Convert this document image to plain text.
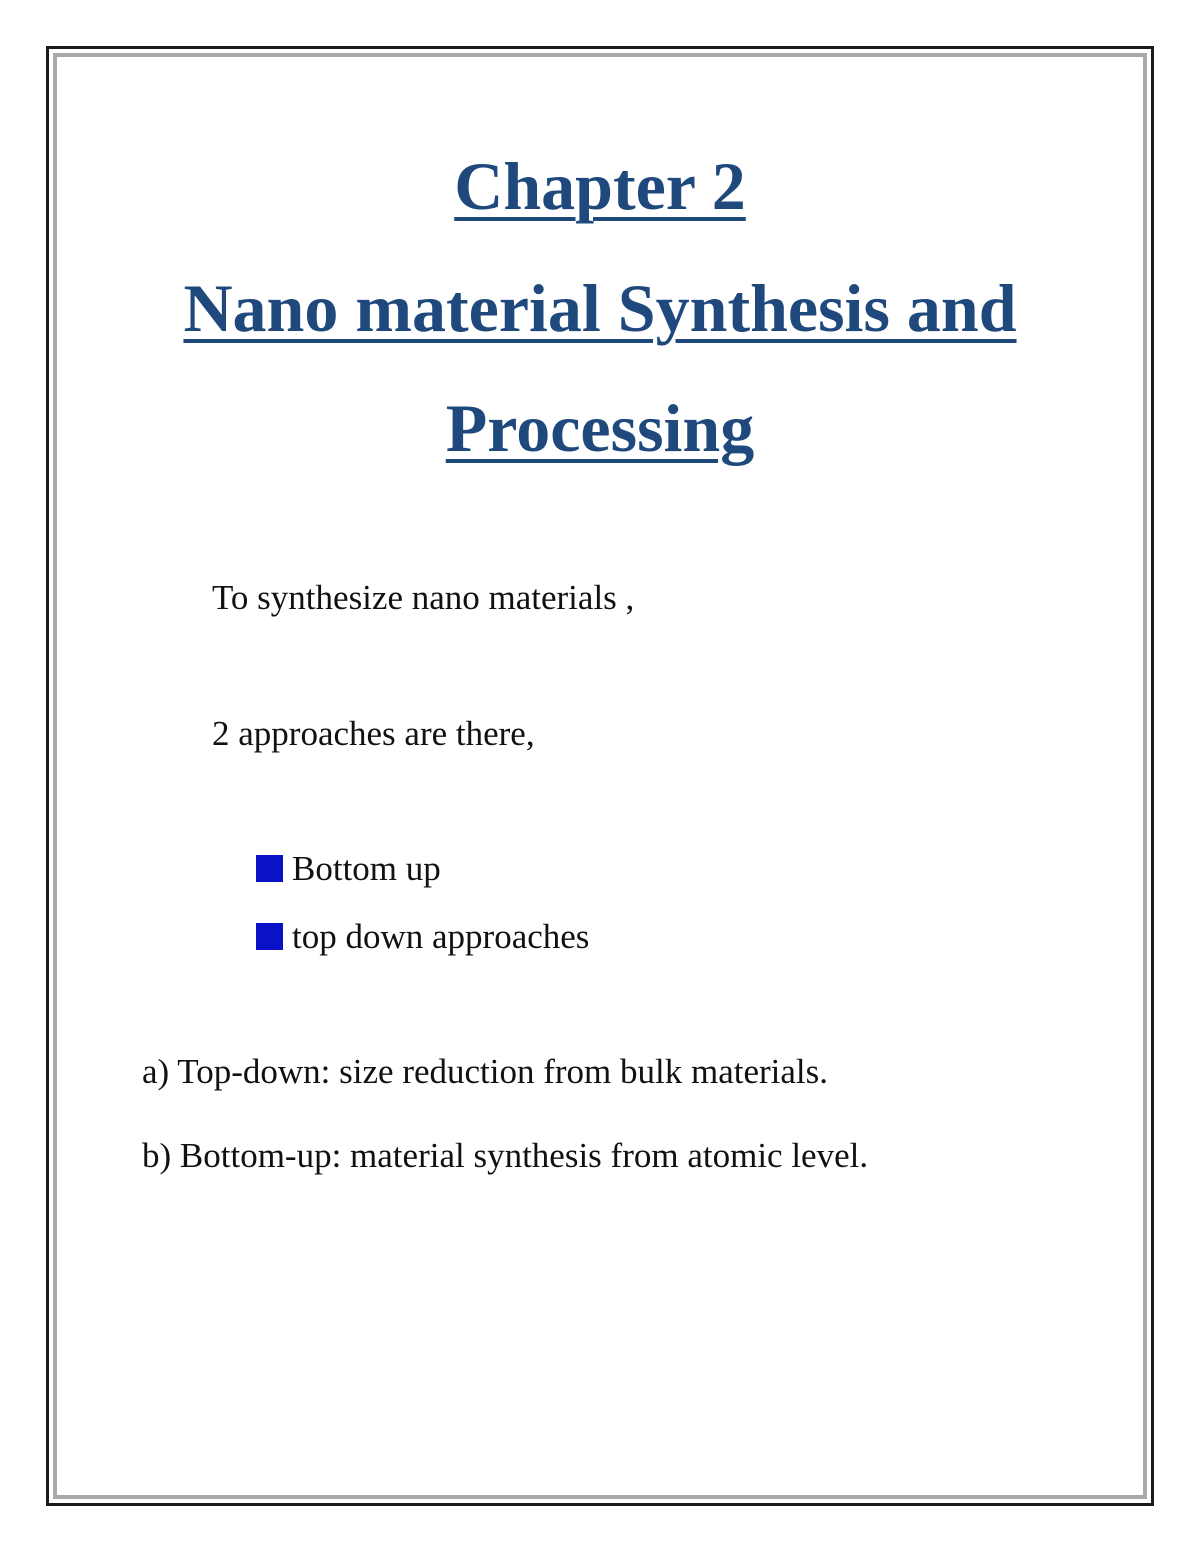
Chapter 2
Nano material Synthesis and
Processing
To synthesize nano materials ,
2 approaches are there,
Bottom up
top down approaches
a) Top-down: size reduction from bulk materials.
b) Bottom-up: material synthesis from atomic level.
